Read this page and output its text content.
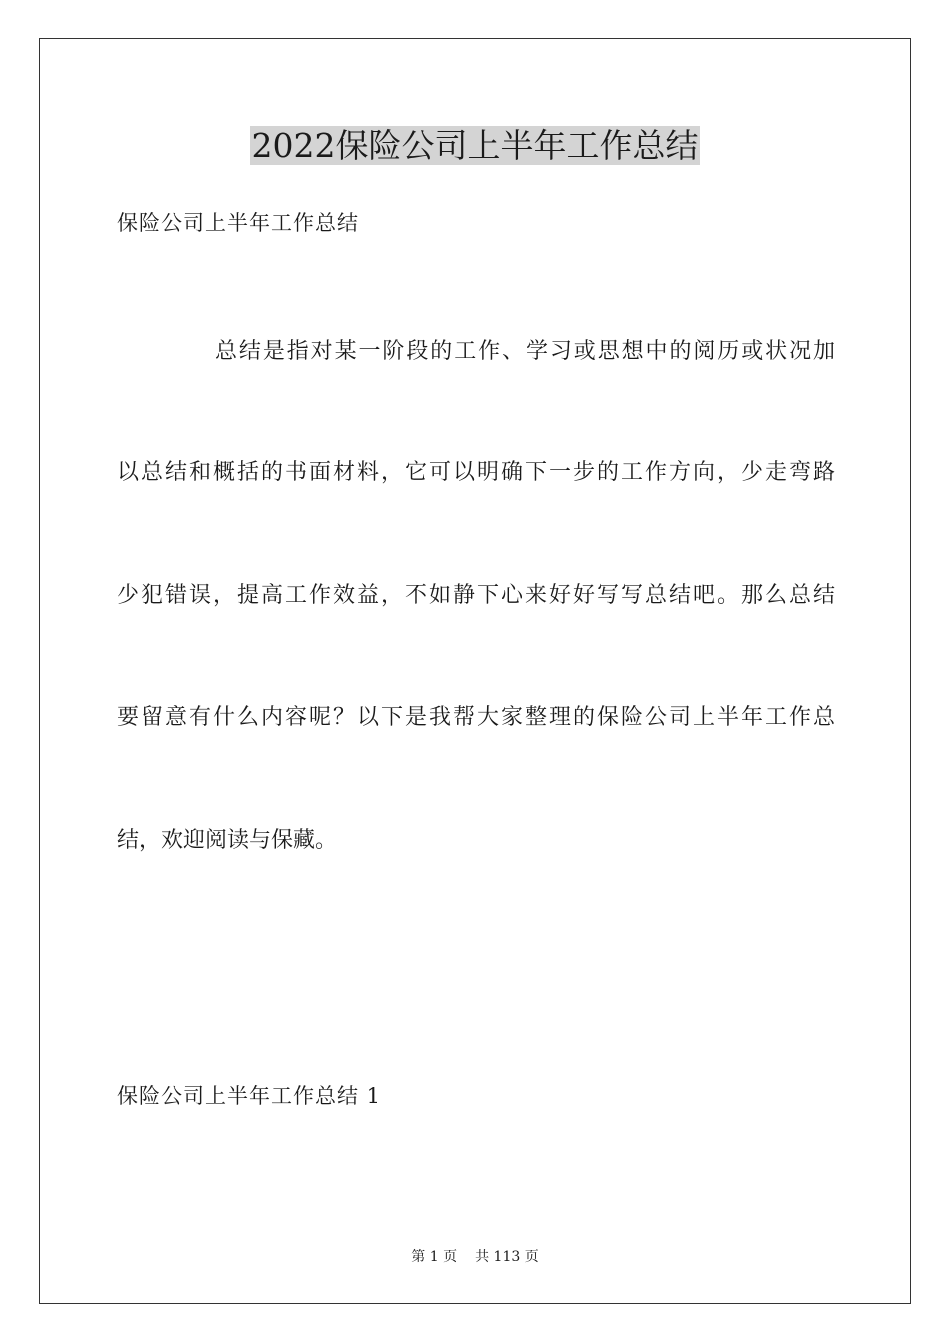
2022保险公司上半年工作总结
保险公司上半年工作总结
总结是指对某一阶段的工作、学习或思想中的阅历或状况加
以总结和概括的书面材料，它可以明确下一步的工作方向，少走弯路
少犯错误，提高工作效益，不如静下心来好好写写总结吧。那么总结
要留意有什么内容呢？以下是我帮大家整理的保险公司上半年工作总
结，欢迎阅读与保藏。
保险公司上半年工作总结 1
第 1 页 共 113 页
